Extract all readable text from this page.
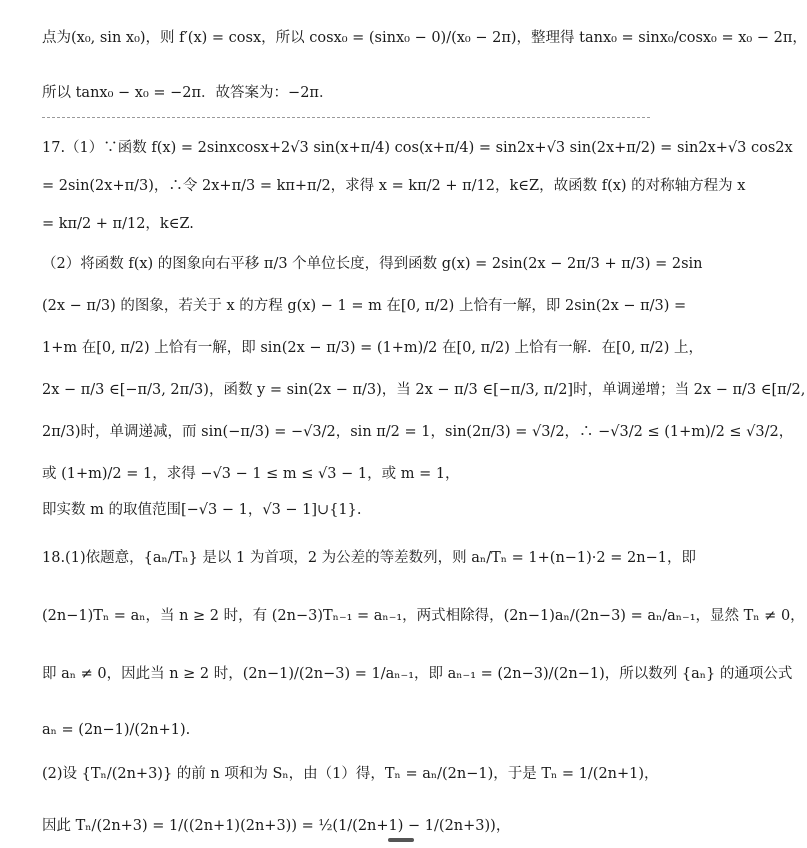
点为(x₀, sin x₀)，则 f′(x) = cosx，所以 cosx₀ = (sinx₀ − 0)/(x₀ − 2π)，整理得 tanx₀ = sinx₀/cosx₀ = x₀ − 2π，
所以 tanx₀ − x₀ = −2π．故答案为：−2π．
17.（1）∵函数 f(x) = 2sinxcosx+2√3 sin(x+π/4) cos(x+π/4) = sin2x+√3 sin(2x+π/2) = sin2x+√3 cos2x
= 2sin(2x+π/3)，∴令 2x+π/3 = kπ+π/2，求得 x = kπ/2 + π/12，k∈Z，故函数 f(x) 的对称轴方程为 x
= kπ/2 + π/12，k∈Z.
（2）将函数 f(x) 的图象向右平移 π/3 个单位长度，得到函数 g(x) = 2sin(2x − 2π/3 + π/3) = 2sin
(2x − π/3) 的图象，若关于 x 的方程 g(x) − 1 = m 在[0, π/2) 上恰有一解，即 2sin(2x − π/3) =
1+m 在[0, π/2) 上恰有一解，即 sin(2x − π/3) = (1+m)/2 在[0, π/2) 上恰有一解．在[0, π/2) 上，
2x − π/3 ∈[−π/3, 2π/3)，函数 y = sin(2x − π/3)，当 2x − π/3 ∈[−π/3, π/2]时，单调递增；当 2x − π/3 ∈[π/2,
2π/3)时，单调递减，而 sin(−π/3) = −√3/2，sin π/2 = 1，sin(2π/3) = √3/2，∴ −√3/2 ≤ (1+m)/2 ≤ √3/2，
或 (1+m)/2 = 1，求得 −√3 − 1 ≤ m ≤ √3 − 1，或 m = 1，
即实数 m 的取值范围[−√3 − 1，√3 − 1]∪{1}.
18.(1)依题意，{aₙ/Tₙ} 是以 1 为首项，2 为公差的等差数列，则 aₙ/Tₙ = 1+(n−1)·2 = 2n−1，即
(2n−1)Tₙ = aₙ，当 n ≥ 2 时，有 (2n−3)Tₙ₋₁ = aₙ₋₁，两式相除得，(2n−1)aₙ/(2n−3) = aₙ/aₙ₋₁，显然 Tₙ ≠ 0，
即 aₙ ≠ 0，因此当 n ≥ 2 时，(2n−1)/(2n−3) = 1/aₙ₋₁，即 aₙ₋₁ = (2n−3)/(2n−1)，所以数列 {aₙ} 的通项公式
aₙ = (2n−1)/(2n+1).
(2)设 {Tₙ/(2n+3)} 的前 n 项和为 Sₙ，由（1）得，Tₙ = aₙ/(2n−1)，于是 Tₙ = 1/(2n+1)，
因此 Tₙ/(2n+3) = 1/((2n+1)(2n+3)) = ½(1/(2n+1) − 1/(2n+3))，
